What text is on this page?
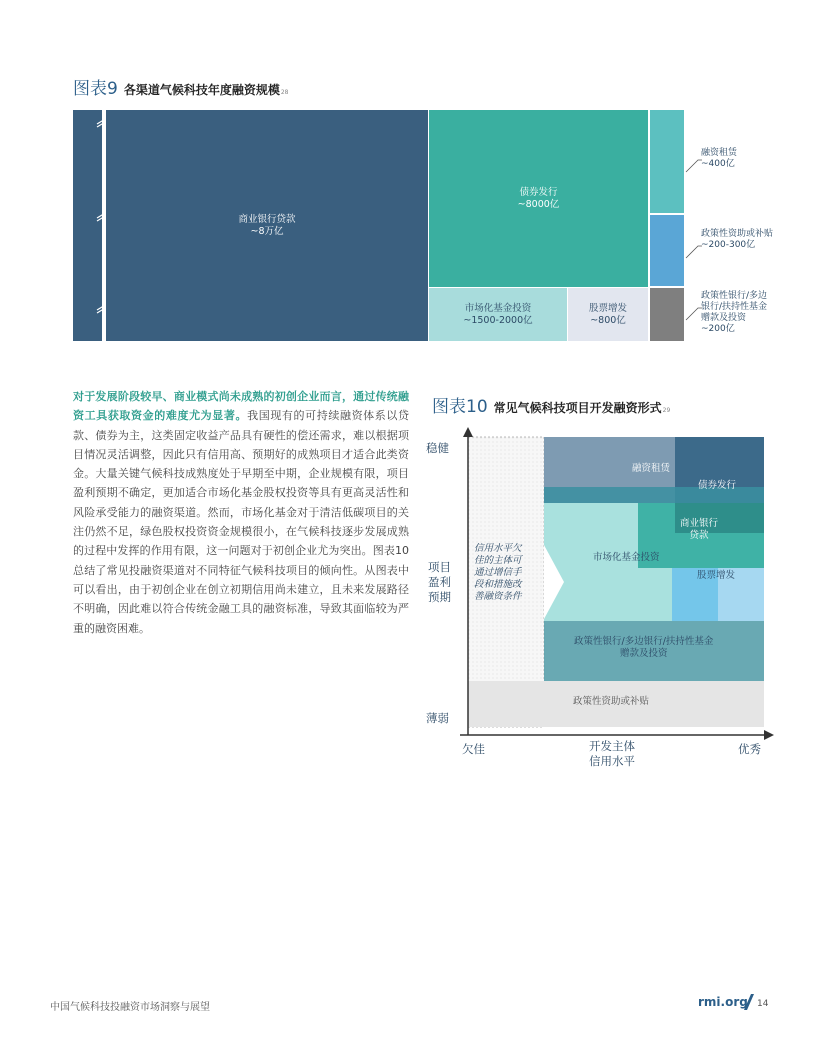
图表9 各渠道气候科技年度融资规模 28
商业银行贷款
~8万亿
债券发行
~8000亿
市场化基金投资
~1500-2000亿
股票增发
~800亿
融资租赁
~400亿
政策性资助或补贴
~200-300亿
政策性银行/多边
银行/扶持性基金
赠款及投资
~200亿
对于发展阶段较早、商业模式尚未成熟的初创企业而言，通过传统融资工具获取资金的难度尤为显著。我国现有的可持续融资体系以贷款、债券为主，这类固定收益产品具有硬性的偿还需求，难以根据项目情况灵活调整，因此只有信用高、预期好的成熟项目才适合此类资金。大量关键气候科技成熟度处于早期至中期，企业规模有限，项目盈利预期不确定，更加适合市场化基金股权投资等具有更高灵活性和风险承受能力的融资渠道。然而，市场化基金对于清洁低碳项目的关注仍然不足，绿色股权投资资金规模很小，在气候科技逐步发展成熟的过程中发挥的作用有限，这一问题对于初创企业尤为突出。图表10总结了常见投融资渠道对不同特征气候科技项目的倾向性。从图表中可以看出，由于初创企业在创立初期信用尚未建立，且未来发展路径不明确，因此难以符合传统金融工具的融资标准，导致其面临较为严重的融资困难。
图表10 常见气候科技项目开发融资形式 29
稳健
项目
盈利
预期
薄弱
欠佳	开发主体
信用水平
优秀
信用水平欠
佳的主体可
通过增信手
段和措施改
善融资条件
融资租赁
债券发行
商业银行
贷款
市场化基金投资
股票增发
政策性银行/多边银行/扶持性基金
赠款及投资
政策性资助或补贴
中国气候科技投融资市场洞察与展望	rmi.org 14
